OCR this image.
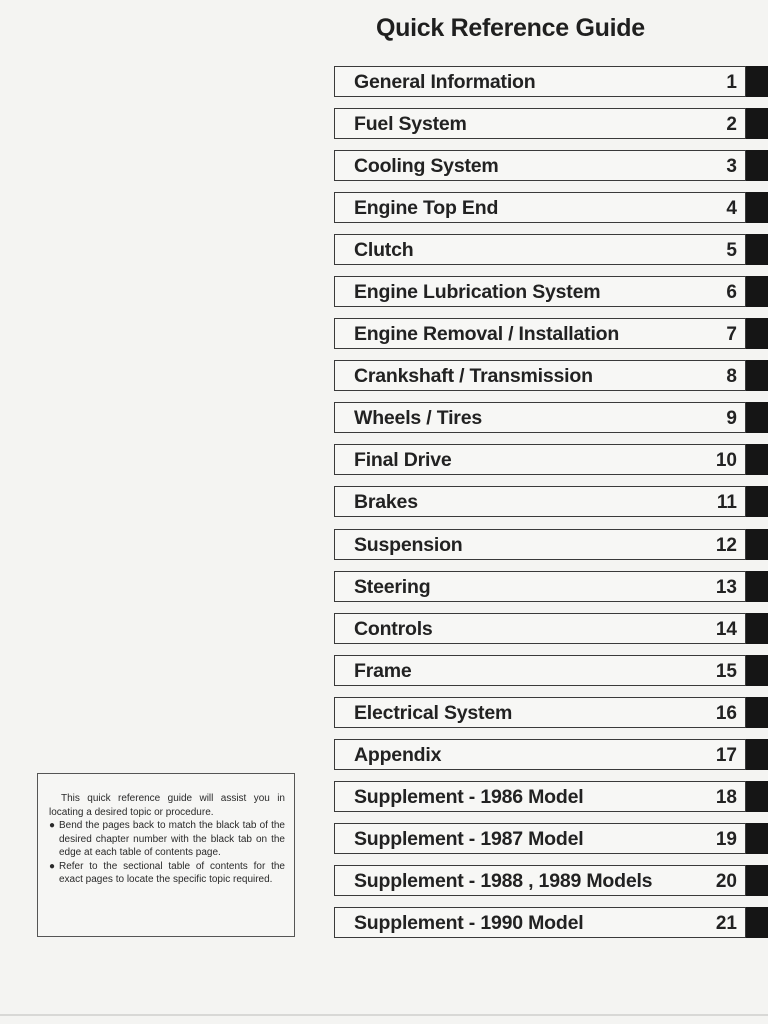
Quick Reference Guide
General Information	1
Fuel System	2
Cooling System	3
Engine Top End	4
Clutch	5
Engine Lubrication System	6
Engine Removal / Installation	7
Crankshaft / Transmission	8
Wheels / Tires	9
Final Drive	10
Brakes	11
Suspension	12
Steering	13
Controls	14
Frame	15
Electrical System	16
Appendix	17
Supplement - 1986 Model	18
Supplement - 1987 Model	19
Supplement - 1988 , 1989 Models	20
Supplement - 1990 Model	21

This quick reference guide will assist you in locating a desired topic or procedure.

● Bend the pages back to match the black tab of the desired chapter number with the black tab on the edge at each table of contents page.

● Refer to the sectional table of contents for the exact pages to locate the specific topic required.
